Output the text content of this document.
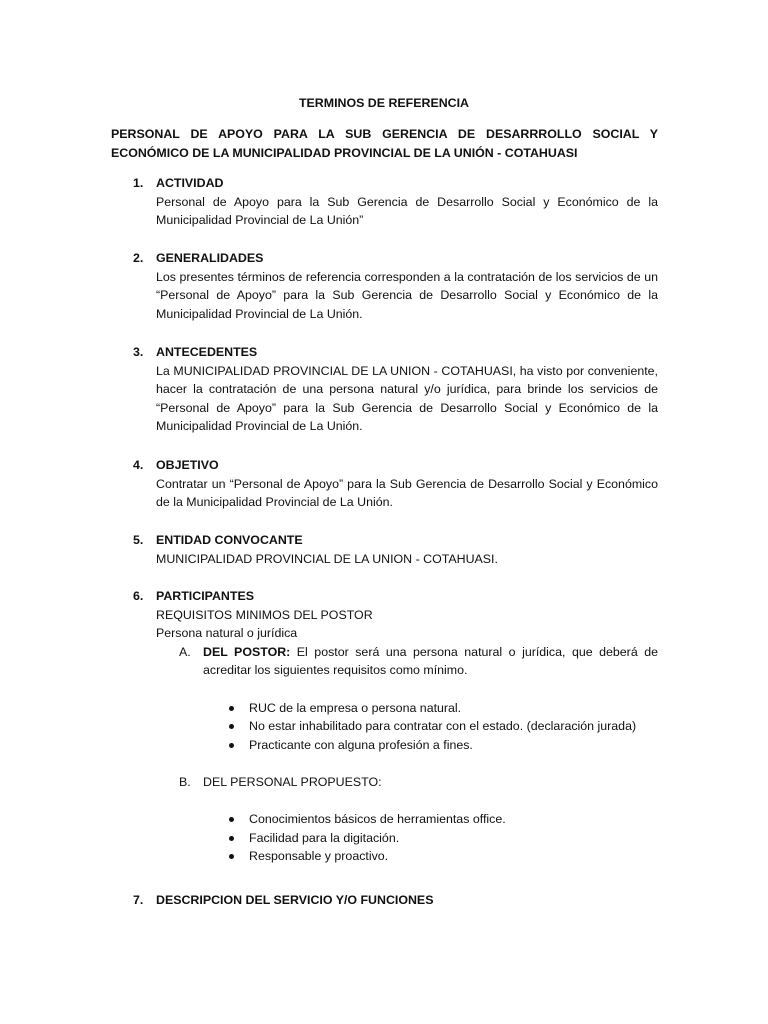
TERMINOS DE REFERENCIA
PERSONAL DE APOYO PARA LA SUB GERENCIA DE DESARRROLLO SOCIAL Y ECONÓMICO DE LA MUNICIPALIDAD PROVINCIAL DE LA UNIÓN - COTAHUASI
1. ACTIVIDAD
Personal de Apoyo para la Sub Gerencia de Desarrollo Social y Económico de la Municipalidad Provincial de La Unión”
2. GENERALIDADES
Los presentes términos de referencia corresponden a la contratación de los servicios de un “Personal de Apoyo” para la Sub Gerencia de Desarrollo Social y Económico de la Municipalidad Provincial de La Unión.
3. ANTECEDENTES
La MUNICIPALIDAD PROVINCIAL DE LA UNION - COTAHUASI, ha visto por conveniente, hacer la contratación de una persona natural y/o jurídica, para brinde los servicios de “Personal de Apoyo” para la Sub Gerencia de Desarrollo Social y Económico de la Municipalidad Provincial de La Unión.
4. OBJETIVO
Contratar un “Personal de Apoyo” para la Sub Gerencia de Desarrollo Social y Económico de la Municipalidad Provincial de La Unión.
5. ENTIDAD CONVOCANTE
MUNICIPALIDAD PROVINCIAL DE LA UNION - COTAHUASI.
6. PARTICIPANTES
REQUISITOS MINIMOS DEL POSTOR
Persona natural o jurídica
A. DEL POSTOR: El postor será una persona natural o jurídica, que deberá de acreditar los siguientes requisitos como mínimo.
RUC de la empresa o persona natural.
No estar inhabilitado para contratar con el estado. (declaración jurada)
Practicante con alguna profesión a fines.
B. DEL PERSONAL PROPUESTO:
Conocimientos básicos de herramientas office.
Facilidad para la digitación.
Responsable y proactivo.
7. DESCRIPCION DEL SERVICIO Y/O FUNCIONES
